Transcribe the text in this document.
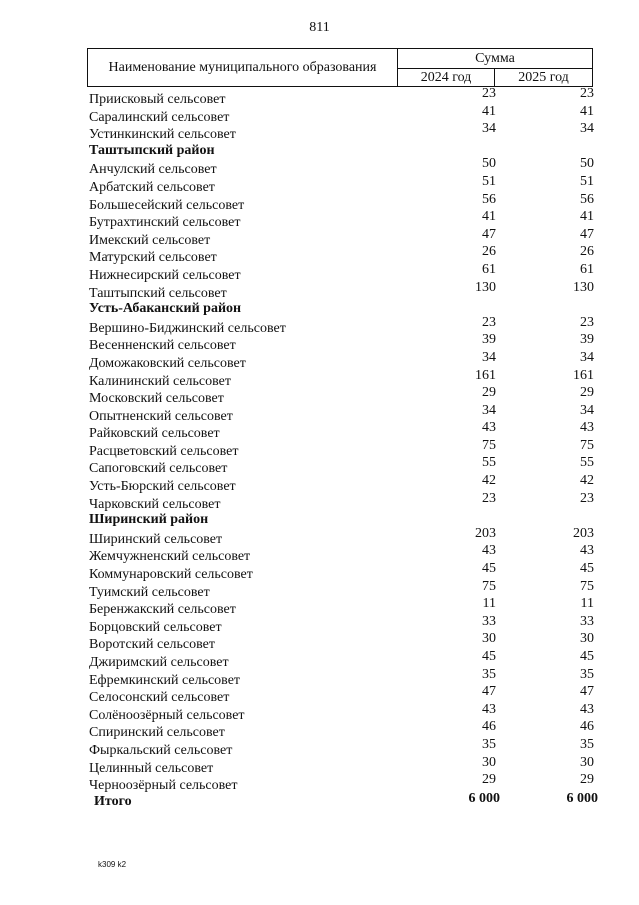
811
Наименование муниципального образования
Сумма
2024 год	2025 год
Приисковый сельсовет	23	23
Саралинский сельсовет	41	41
Устинкинский сельсовет	34	34
Таштыпский район
Анчулский сельсовет	50	50
Арбатский сельсовет	51	51
Большесейский сельсовет	56	56
Бутрахтинский сельсовет	41	41
Имекский сельсовет	47	47
Матурский сельсовет	26	26
Нижнесирский сельсовет	61	61
Таштыпский сельсовет	130	130
Усть-Абаканский район
Вершино-Биджинский сельсовет	23	23
Весенненский сельсовет	39	39
Доможаковский сельсовет	34	34
Калининский сельсовет	161	161
Московский сельсовет	29	29
Опытненский сельсовет	34	34
Райковский сельсовет	43	43
Расцветовский сельсовет	75	75
Сапоговский сельсовет	55	55
Усть-Бюрский сельсовет	42	42
Чарковский сельсовет	23	23
Ширинский район
Ширинский сельсовет	203	203
Жемчужненский сельсовет	43	43
Коммунаровский сельсовет	45	45
Туимский сельсовет	75	75
Беренжакский сельсовет	11	11
Борцовский сельсовет	33	33
Воротский сельсовет	30	30
Джиримский сельсовет	45	45
Ефремкинский сельсовет	35	35
Селосонский сельсовет	47	47
Солёноозёрный сельсовет	43	43
Спиринский сельсовет	46	46
Фыркальский сельсовет	35	35
Целинный сельсовет	30	30
Черноозёрный сельсовет	29	29
Итого	6 000	6 000
k309 k2
